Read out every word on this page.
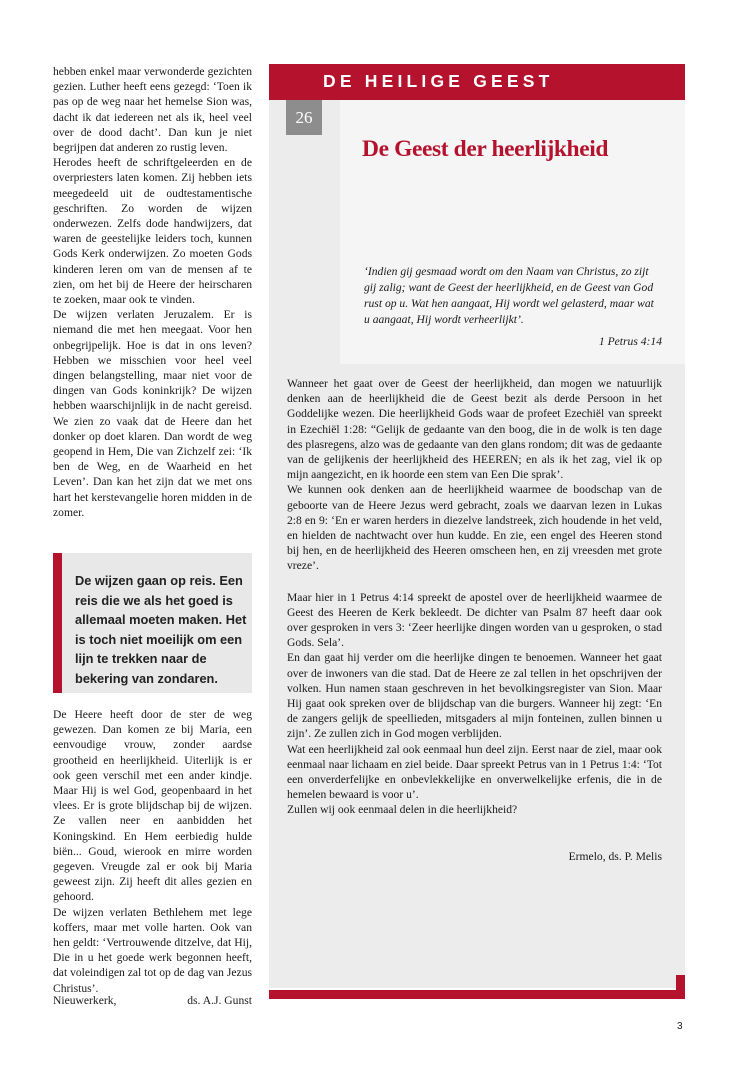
hebben enkel maar verwonderde gezichten gezien. Luther heeft eens gezegd: ‘Toen ik pas op de weg naar het hemelse Sion was, dacht ik dat iedereen net als ik, heel veel over de dood dacht’. Dan kun je niet begrijpen dat anderen zo rustig leven.

Herodes heeft de schriftgeleerden en de overpriesters laten komen. Zij hebben iets meegedeeld uit de oudtestamentische geschriften. Zo worden de wijzen onderwezen. Zelfs dode handwijzers, dat waren de geestelijke leiders toch, kunnen Gods Kerk onderwijzen. Zo moeten Gods kinderen leren om van de mensen af te zien, om het bij de Heere der heirscharen te zoeken, maar ook te vinden.

De wijzen verlaten Jeruzalem. Er is niemand die met hen meegaat. Voor hen onbegrijpelijk. Hoe is dat in ons leven? Hebben we misschien voor heel veel dingen belangstelling, maar niet voor de dingen van Gods koninkrijk? De wijzen hebben waarschijnlijk in de nacht gereisd. We zien zo vaak dat de Heere dan het donker op doet klaren. Dan wordt de weg geopend in Hem, Die van Zichzelf zei: ‘Ik ben de Weg, en de Waarheid en het Leven’. Dan kan het zijn dat we met ons hart het kerstevangelie horen midden in de zomer.

De wijzen gaan op reis. Een reis die we als het goed is allemaal moeten maken. Het is toch niet moeilijk om een lijn te trekken naar de bekering van zondaren.

De Heere heeft door de ster de weg gewezen. Dan komen ze bij Maria, een eenvoudige vrouw, zonder aardse grootheid en heerlijkheid. Uiterlijk is er ook geen verschil met een ander kindje. Maar Hij is wel God, geopenbaard in het vlees. Er is grote blijdschap bij de wijzen. Ze vallen neer en aanbidden het Koningskind. En Hem eerbiedig hulde biën... Goud, wierook en mirre worden gegeven. Vreugde zal er ook bij Maria geweest zijn. Zij heeft dit alles gezien en gehoord.

De wijzen verlaten Bethlehem met lege koffers, maar met volle harten. Ook van hen geldt: ‘Vertrouwende ditzelve, dat Hij, Die in u het goede werk begonnen heeft, dat voleindigen zal tot op de dag van Jezus Christus’.

Nieuwerkerk,	ds. A.J. Gunst
DE HEILIGE GEEST
26
De Geest der heerlijkheid
‘Indien gij gesmaad wordt om den Naam van Christus, zo zijt gij zalig; want de Geest der heerlijkheid, en de Geest van God rust op u. Wat hen aangaat, Hij wordt wel gelasterd, maar wat u aangaat, Hij wordt verheerlijkt’.
1 Petrus 4:14

Wanneer het gaat over de Geest der heerlijkheid, dan mogen we natuurlijk denken aan de heerlijkheid die de Geest bezit als derde Persoon in het Goddelijke wezen. Die heerlijkheid Gods waar de profeet Ezechiël van spreekt in Ezechiël 1:28: “Gelijk de gedaante van den boog, die in de wolk is ten dage des plasregens, alzo was de gedaante van den glans rondom; dit was de gedaante van de gelijkenis der heerlijkheid des HEEREN; en als ik het zag, viel ik op mijn aangezicht, en ik hoorde een stem van Een Die sprak’.

We kunnen ook denken aan de heerlijkheid waarmee de boodschap van de geboorte van de Heere Jezus werd gebracht, zoals we daarvan lezen in Lukas 2:8 en 9: ‘En er waren herders in diezelve landstreek, zich houdende in het veld, en hielden de nachtwacht over hun kudde. En zie, een engel des Heeren stond bij hen, en de heerlijkheid des Heeren omscheen hen, en zij vreesden met grote vreze’.

Maar hier in 1 Petrus 4:14 spreekt de apostel over de heerlijkheid waarmee de Geest des Heeren de Kerk bekleedt. De dichter van Psalm 87 heeft daar ook over gesproken in vers 3: ‘Zeer heerlijke dingen worden van u gesproken, o stad Gods. Sela’.

En dan gaat hij verder om die heerlijke dingen te benoemen. Wanneer het gaat over de inwoners van die stad. Dat de Heere ze zal tellen in het opschrijven der volken. Hun namen staan geschreven in het bevolkingsregister van Sion. Maar Hij gaat ook spreken over de blijdschap van die burgers. Wanneer hij zegt: ‘En de zangers gelijk de speellieden, mitsgaders al mijn fonteinen, zullen binnen u zijn’. Ze zullen zich in God mogen verblijden.

Wat een heerlijkheid zal ook eenmaal hun deel zijn. Eerst naar de ziel, maar ook eenmaal naar lichaam en ziel beide. Daar spreekt Petrus van in 1 Petrus 1:4: ‘Tot een onverderfelijke en onbevlekkelijke en onverwelkelijke erfenis, die in de hemelen bewaard is voor u’.

Zullen wij ook eenmaal delen in die heerlijkheid?

Ermelo, ds. P. Melis
3
